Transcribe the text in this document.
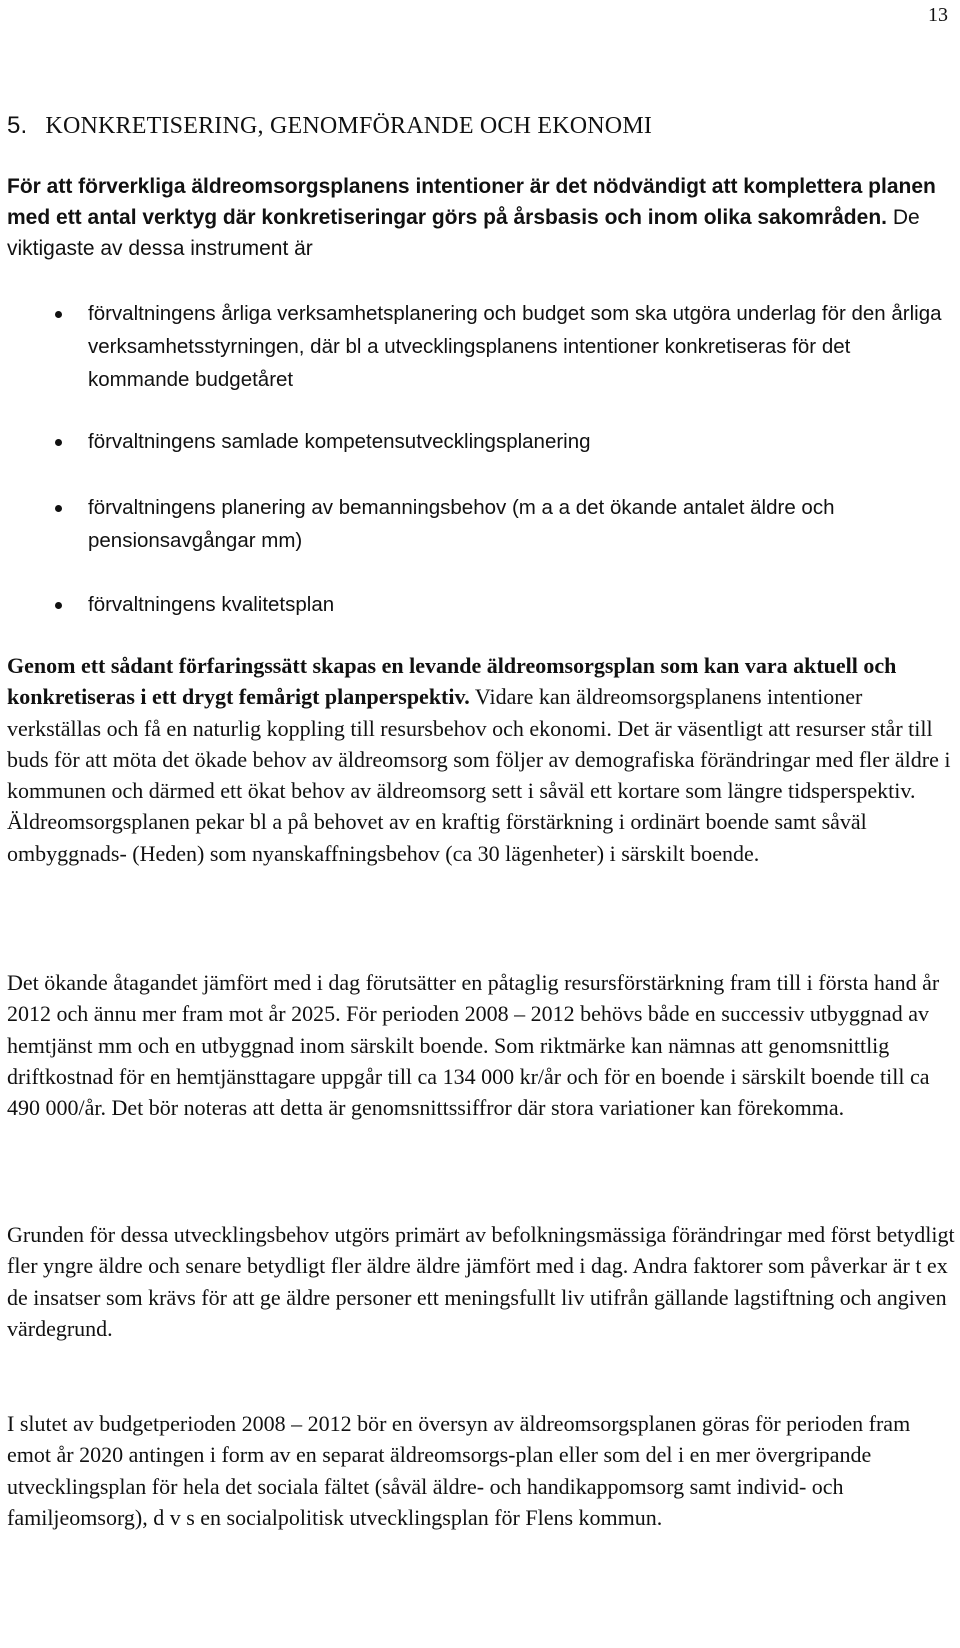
13
5. KONKRETISERING, GENOMFÖRANDE OCH EKONOMI
För att förverkliga äldreomsorgsplanens intentioner är det nödvändigt att komplettera planen med ett antal verktyg där konkretiseringar görs på årsbasis och inom olika sakområden. De viktigaste av dessa instrument är
förvaltningens årliga verksamhetsplanering och budget som ska utgöra underlag för den årliga verksamhetsstyrningen, där bl a utvecklingsplanens intentioner konkretiseras för det kommande budgetåret
förvaltningens samlade kompetensutvecklingsplanering
förvaltningens planering av bemanningsbehov (m a a det ökande antalet äldre och pensionsavgångar mm)
förvaltningens kvalitetsplan
Genom ett sådant förfaringssätt skapas en levande äldreomsorgsplan som kan vara aktuell och konkretiseras i ett drygt femårigt planperspektiv. Vidare kan äldreomsorgsplanens intentioner verkställas och få en naturlig koppling till resursbehov och ekonomi. Det är väsentligt att resurser står till buds för att möta det ökade behov av äldreomsorg som följer av demografiska förändringar med fler äldre i kommunen och därmed ett ökat behov av äldreomsorg sett i såväl ett kortare som längre tidsperspektiv. Äldreomsorgsplanen pekar bl a på behovet av en kraftig förstärkning i ordinärt boende samt såväl ombyggnads- (Heden) som nyanskaffningsbehov (ca 30 lägenheter) i särskilt boende.
Det ökande åtagandet jämfört med i dag förutsätter en påtaglig resursförstärkning fram till i första hand år 2012 och ännu mer fram mot år 2025. För perioden 2008 – 2012 behövs både en successiv utbyggnad av hemtjänst mm och en utbyggnad inom särskilt boende. Som riktmärke kan nämnas att genomsnittlig driftkostnad för en hemtjänsttagare uppgår till ca 134 000 kr/år och för en boende i särskilt boende till ca 490 000/år. Det bör noteras att detta är genomsnittssiffror där stora variationer kan förekomma.
Grunden för dessa utvecklingsbehov utgörs primärt av befolkningsmässiga förändringar med först betydligt fler yngre äldre och senare betydligt fler äldre äldre jämfört med i dag. Andra faktorer som påverkar är t ex de insatser som krävs för att ge äldre personer ett meningsfullt liv utifrån gällande lagstiftning och angiven värdegrund.
I slutet av budgetperioden 2008 – 2012 bör en översyn av äldreomsorgsplanen göras för perioden fram emot år 2020 antingen i form av en separat äldreomsorgs-plan eller som del i en mer övergripande utvecklingsplan för hela det sociala fältet (såväl äldre- och handikappomsorg samt individ- och familjeomsorg), d v s en socialpolitisk utvecklingsplan för Flens kommun.
